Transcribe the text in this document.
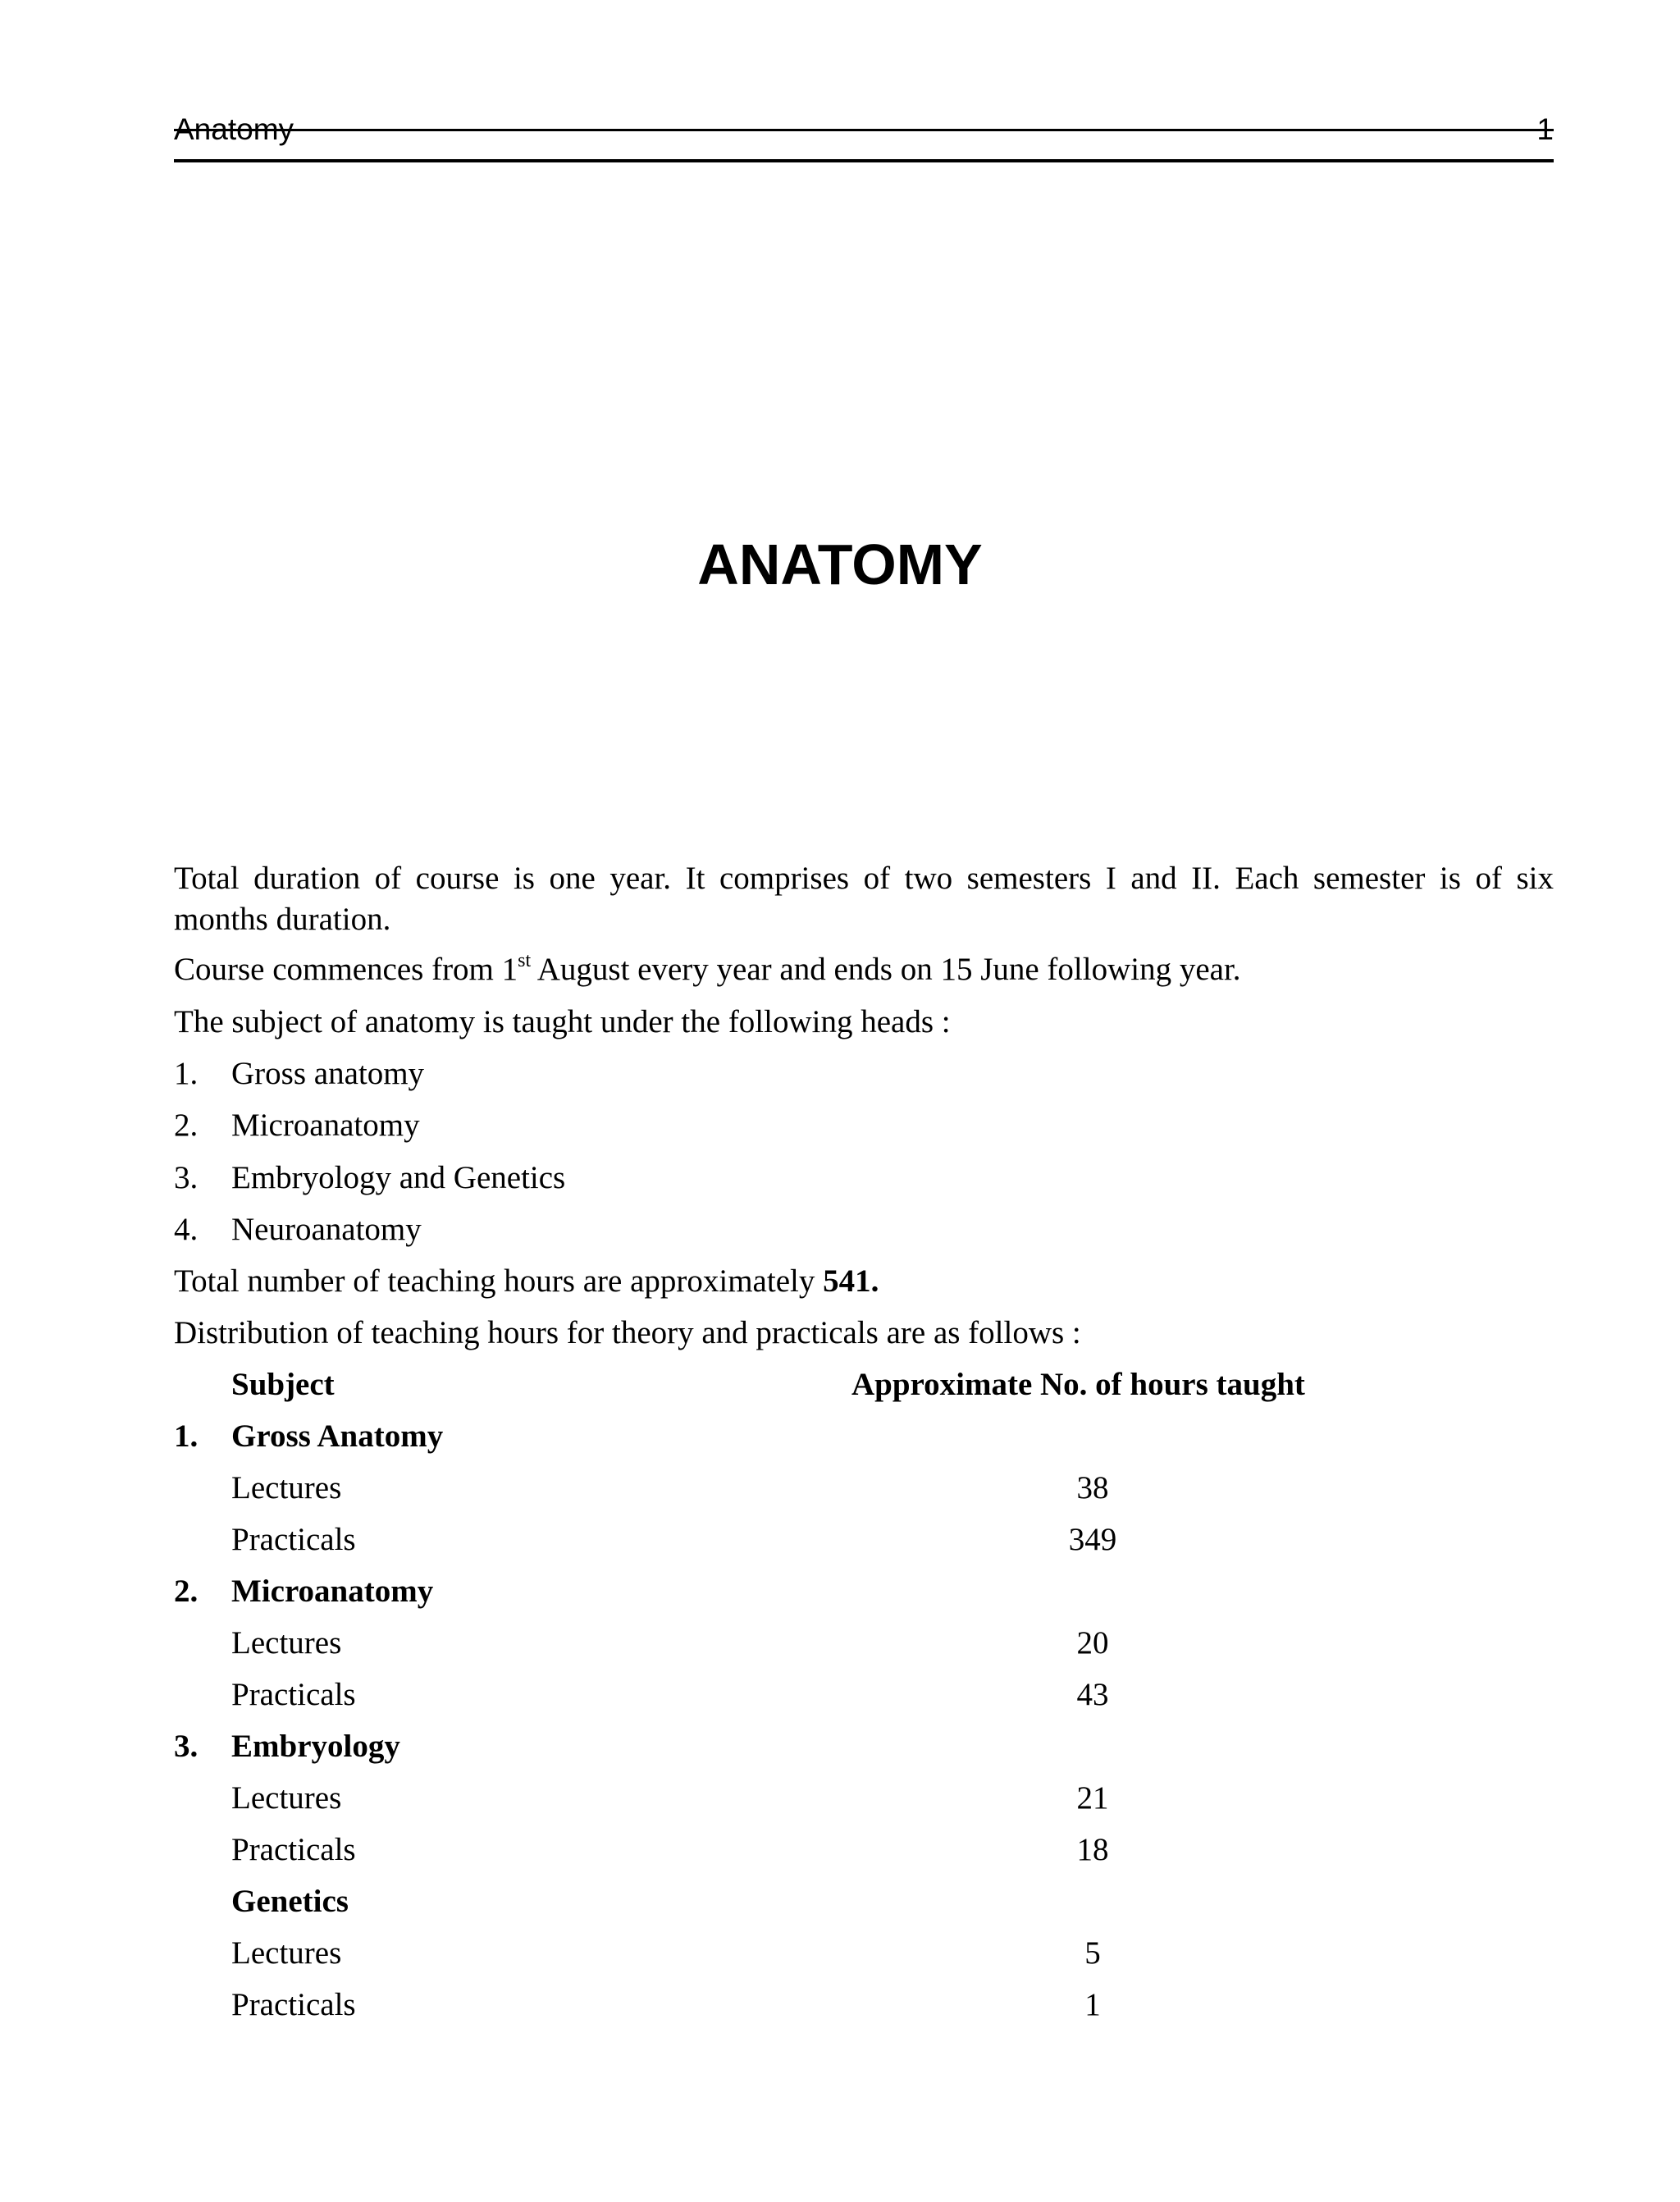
Anatomy	1
ANATOMY
Total duration of course is one year. It comprises of two semesters I and II. Each semester is of six
months duration.
Course commences from 1st August every year and ends on 15 June following year.
The subject of anatomy is taught under the following heads :
1. Gross anatomy
2. Microanatomy
3. Embryology and Genetics
4. Neuroanatomy
Total number of teaching hours are approximately 541.
Distribution of teaching hours for theory and practicals are as follows :
Subject	Approximate No. of hours taught
1. Gross Anatomy
Lectures	38
Practicals	349
2. Microanatomy
Lectures	20
Practicals	43
3. Embryology
Lectures	21
Practicals	18
Genetics
Lectures	5
Practicals	1
